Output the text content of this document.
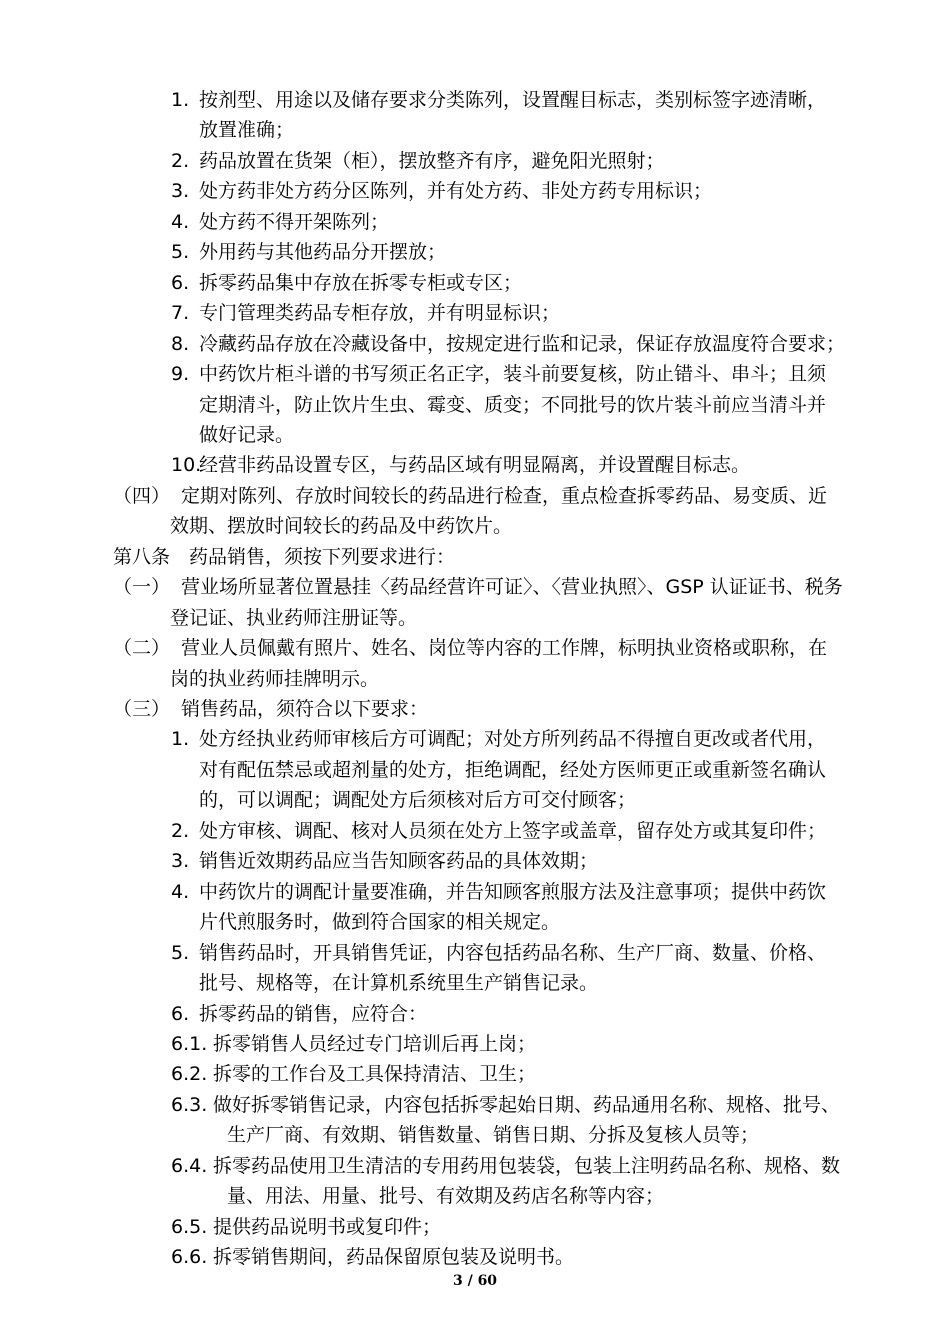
1. 按剂型、用途以及储存要求分类陈列，设置醒目标志，类别标签字迹清晰，
放置准确；
2. 药品放置在货架（柜），摆放整齐有序，避免阳光照射；
3. 处方药非处方药分区陈列，并有处方药、非处方药专用标识；
4. 处方药不得开架陈列；
5. 外用药与其他药品分开摆放；
6. 拆零药品集中存放在拆零专柜或专区；
7. 专门管理类药品专柜存放，并有明显标识；
8. 冷藏药品存放在冷藏设备中，按规定进行监和记录，保证存放温度符合要求；
9. 中药饮片柜斗谱的书写须正名正字，装斗前要复核，防止错斗、串斗；且须
定期清斗，防止饮片生虫、霉变、质变；不同批号的饮片装斗前应当清斗并
做好记录。
10.
经营非药品设置专区，与药品区域有明显隔离，并设置醒目标志。
（四） 定期对陈列、存放时间较长的药品进行检查，重点检查拆零药品、易变质、近
效期、摆放时间较长的药品及中药饮片。
第八条　药品销售，须按下列要求进行：
（一） 营业场所显著位置悬挂〈药品经营许可证〉、〈营业执照〉、GSP 认证证书、税务
登记证、执业药师注册证等。
（二） 营业人员佩戴有照片、姓名、岗位等内容的工作牌，标明执业资格或职称，在
岗的执业药师挂牌明示。
（三） 销售药品，须符合以下要求：
1. 处方经执业药师审核后方可调配；对处方所列药品不得擅自更改或者代用，
对有配伍禁忌或超剂量的处方，拒绝调配，经处方医师更正或重新签名确认
的，可以调配；调配处方后须核对后方可交付顾客；
2. 处方审核、调配、核对人员须在处方上签字或盖章，留存处方或其复印件；
3. 销售近效期药品应当告知顾客药品的具体效期；
4. 中药饮片的调配计量要准确，并告知顾客煎服方法及注意事项；提供中药饮
片代煎服务时，做到符合国家的相关规定。
5. 销售药品时，开具销售凭证，内容包括药品名称、生产厂商、数量、价格、
批号、规格等，在计算机系统里生产销售记录。
6. 拆零药品的销售，应符合：
6.1. 拆零销售人员经过专门培训后再上岗；
6.2. 拆零的工作台及工具保持清洁、卫生；
6.3. 做好拆零销售记录，内容包括拆零起始日期、药品通用名称、规格、批号、
生产厂商、有效期、销售数量、销售日期、分拆及复核人员等；
6.4. 拆零药品使用卫生清洁的专用药用包装袋，包装上注明药品名称、规格、数
量、用法、用量、批号、有效期及药店名称等内容；
6.5. 提供药品说明书或复印件；
6.6. 拆零销售期间，药品保留原包装及说明书。
3 / 60
